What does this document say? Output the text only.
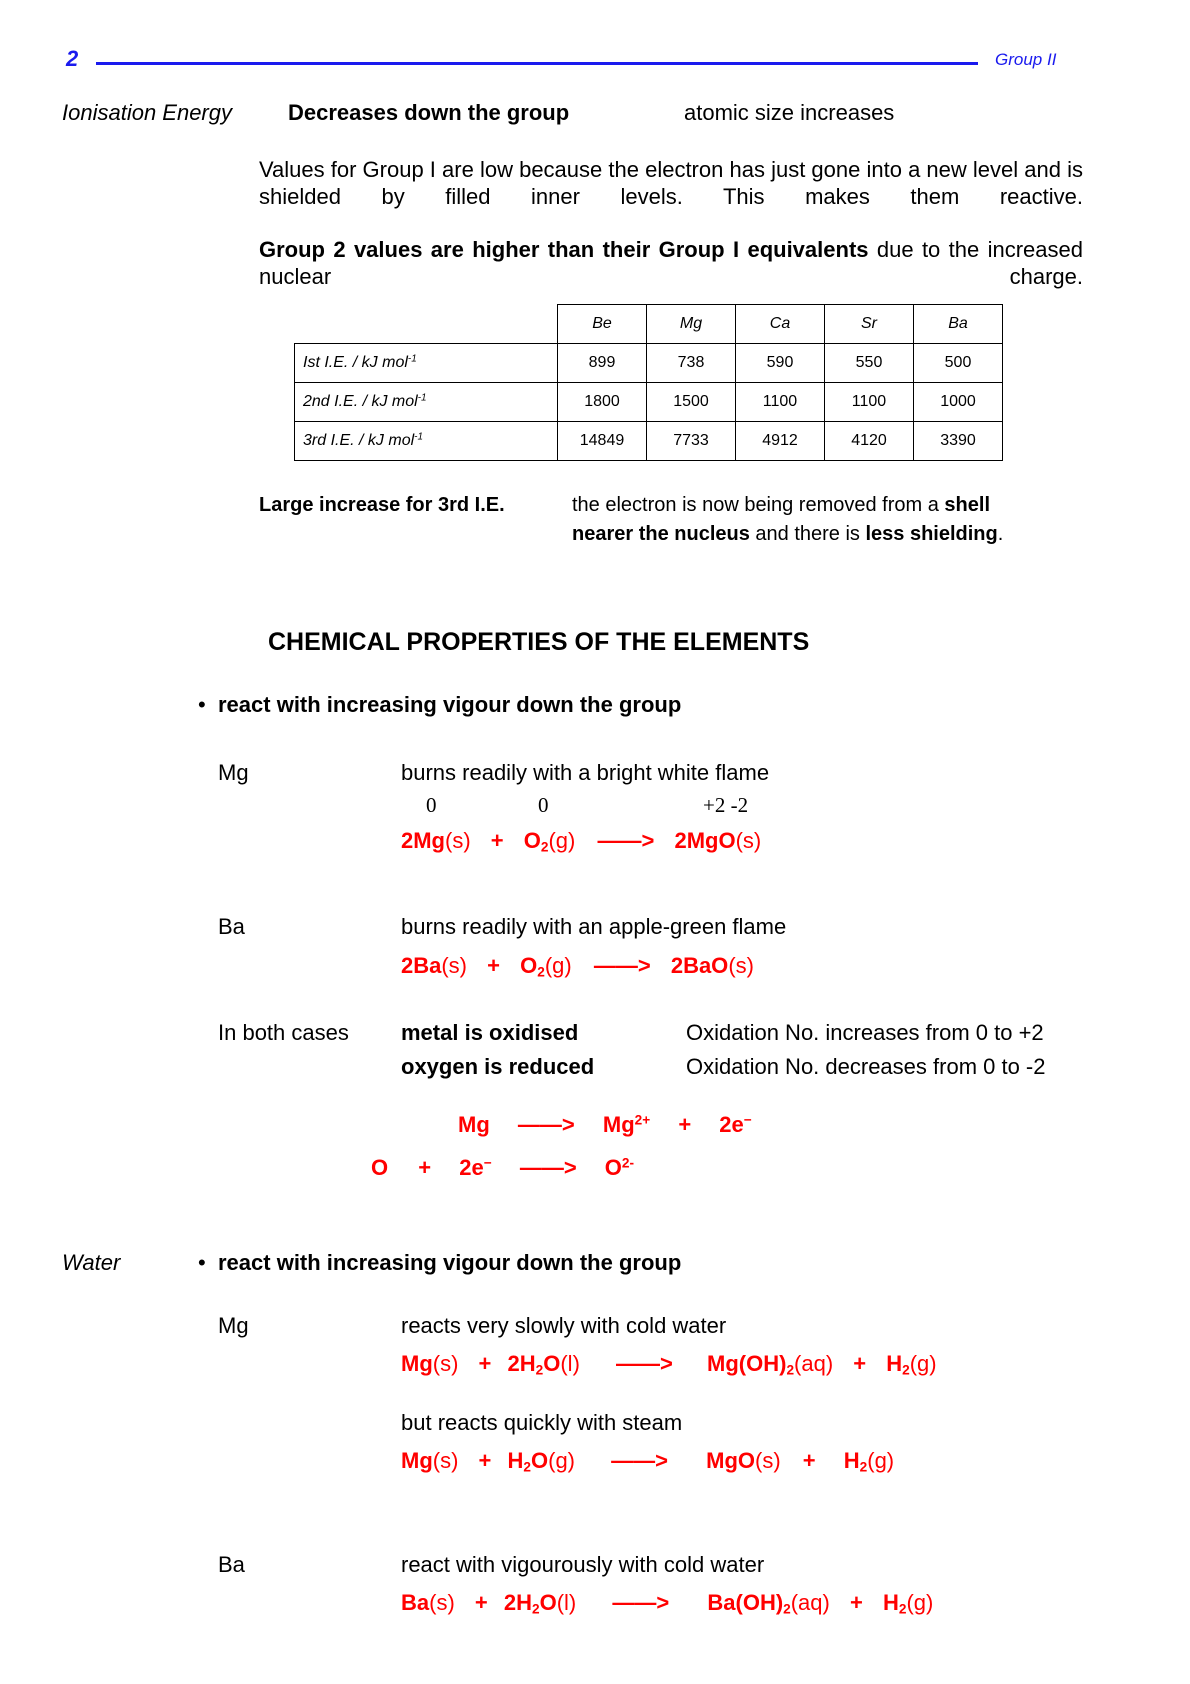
2	Group II
Ionisation Energy	Decreases down the group	atomic size increases
Values for Group I are low because the electron has just gone into a new level and is shielded by filled inner levels. This makes them reactive.
Group 2 values are higher than their Group I equivalents due to the increased nuclear charge.
	Be	Mg	Ca	Sr	Ba
Ist I.E. / kJ mol$^{-1}$	899	738	590	550	500
2nd I.E. / kJ mol$^{-1}$	1800	1500	1100	1100	1000
3rd I.E. / kJ mol$^{-1}$	14849	7733	4912	4120	3390
Large increase for 3rd I.E.	the electron is now being removed from a shell
nearer the nucleus and there is less shielding.
CHEMICAL PROPERTIES OF THE ELEMENTS
• react with increasing vigour down the group
Mg	burns readily with a bright white flame
0	0	+2 -2
$2Mg(s) + O_2(g)$ ——> 2MgO(s)
Ba	burns readily with an apple-green flame
$2Ba(s) + O_2(g)$ ——> 2BaO(s)
In both cases metal is oxidised
oxygen is reduced
Oxidation No. increases from 0 to +2
Oxidation No. decreases from 0 to -2
Mg ——> $Mg^{2+} + 2e^-$
O + 2e− ——> $O^{2-}$
Water	• react with increasing vigour down the group
Mg	reacts very slowly with cold water
$Mg(s) + 2H_2O(l)$ ——> $Mg(OH)_2(aq) + H_2(g)$
but reacts quickly with steam
$Mg(s) + H_2O(g)$ ——> $MgO(s) + H_2(g)$
Ba	react with vigourously with cold water
$Ba(s) + 2H_2O(l)$ ——> $Ba(OH)_2(aq) + H_2(g)$
